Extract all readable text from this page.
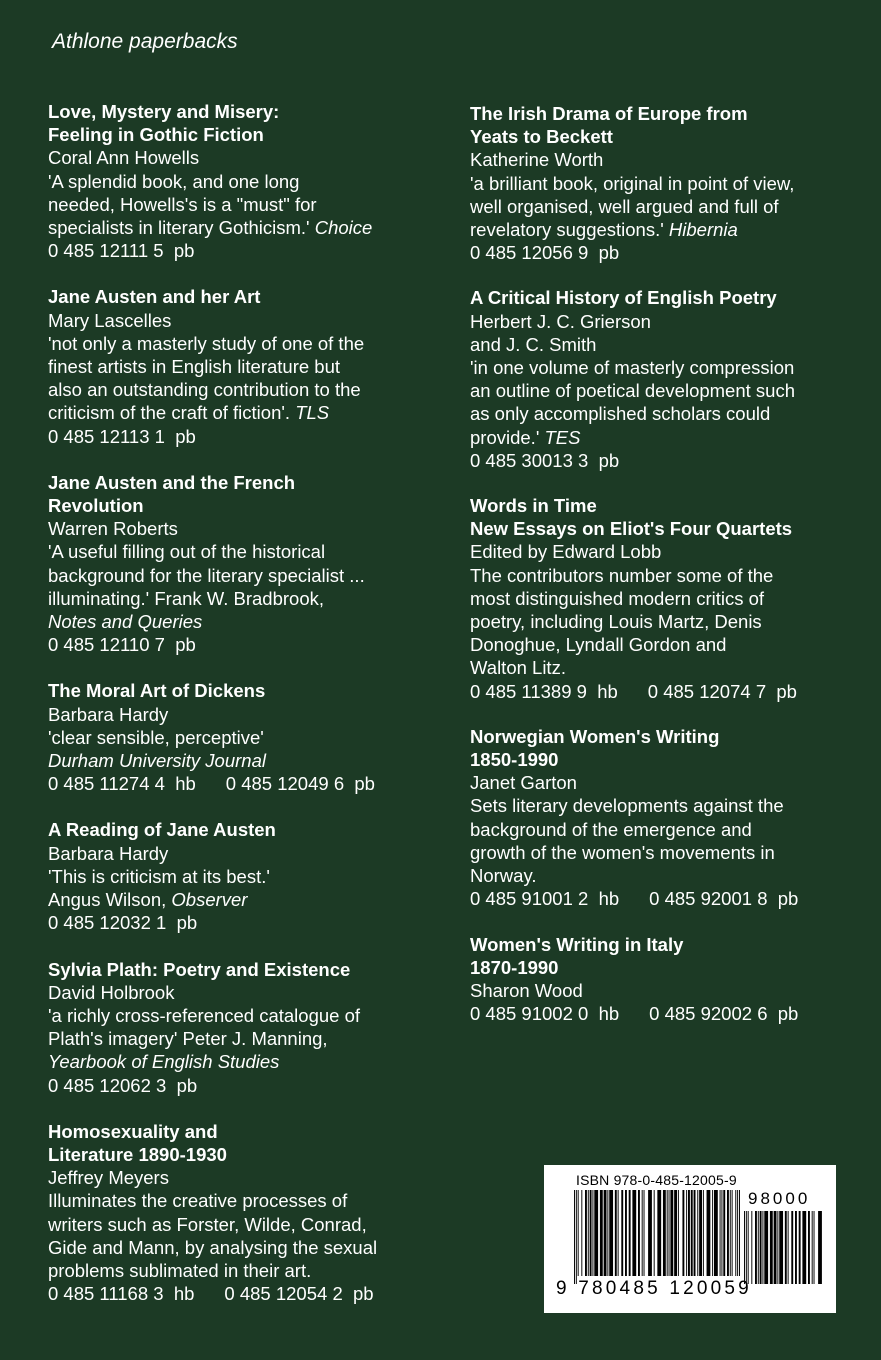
Athlone paperbacks
Love, Mystery and Misery:
Feeling in Gothic Fiction
Coral Ann Howells
'A splendid book, and one long
needed, Howells's is a "must" for
specialists in literary Gothicism.' Choice
0 485 12111 5  pb
Jane Austen and her Art
Mary Lascelles
'not only a masterly study of one of the
finest artists in English literature but
also an outstanding contribution to the
criticism of the craft of fiction'. TLS
0 485 12113 1  pb
Jane Austen and the French
Revolution
Warren Roberts
'A useful filling out of the historical
background for the literary specialist ...
illuminating.' Frank W. Bradbrook,
Notes and Queries
0 485 12110 7  pb
The Moral Art of Dickens
Barbara Hardy
'clear sensible, perceptive'
Durham University Journal
0 485 11274 4  hb 0 485 12049 6  pb
A Reading of Jane Austen
Barbara Hardy
'This is criticism at its best.'
Angus Wilson, Observer
0 485 12032 1  pb
Sylvia Plath: Poetry and Existence
David Holbrook
'a richly cross-referenced catalogue of
Plath's imagery' Peter J. Manning,
Yearbook of English Studies
0 485 12062 3  pb
Homosexuality and
Literature 1890-1930
Jeffrey Meyers
Illuminates the creative processes of
writers such as Forster, Wilde, Conrad,
Gide and Mann, by analysing the sexual
problems sublimated in their art.
0 485 11168 3  hb 0 485 12054 2  pb
The Irish Drama of Europe from
Yeats to Beckett
Katherine Worth
'a brilliant book, original in point of view,
well organised, well argued and full of
revelatory suggestions.' Hibernia
0 485 12056 9  pb
A Critical History of English Poetry
Herbert J. C. Grierson
and J. C. Smith
'in one volume of masterly compression
an outline of poetical development such
as only accomplished scholars could
provide.' TES
0 485 30013 3  pb
Words in Time
New Essays on Eliot's Four Quartets
Edited by Edward Lobb
The contributors number some of the
most distinguished modern critics of
poetry, including Louis Martz, Denis
Donoghue, Lyndall Gordon and
Walton Litz.
0 485 11389 9  hb 0 485 12074 7  pb
Norwegian Women's Writing
1850-1990
Janet Garton
Sets literary developments against the
background of the emergence and
growth of the women's movements in
Norway.
0 485 91001 2  hb 0 485 92001 8  pb
Women's Writing in Italy
1870-1990
Sharon Wood
0 485 91002 0  hb 0 485 92002 6  pb
ISBN 978-0-485-12005-9
98000
9 780485 120059
